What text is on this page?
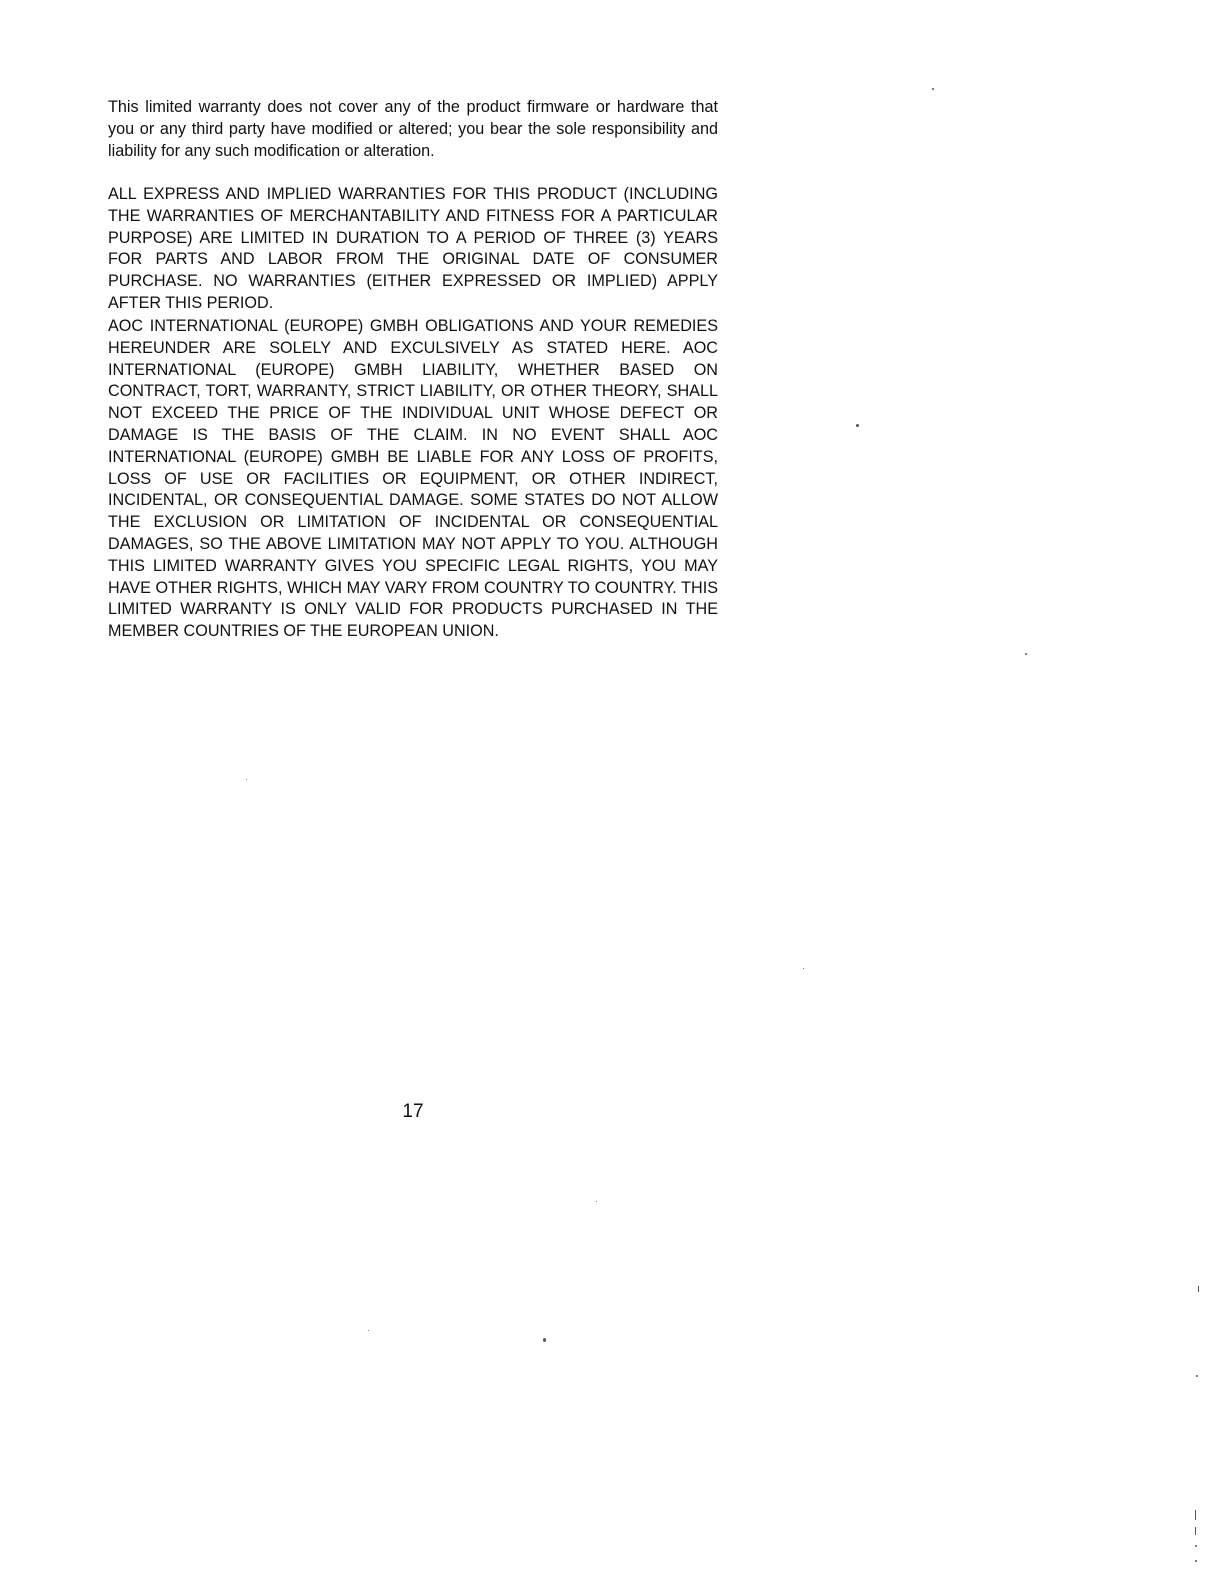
This limited warranty does not cover any of the product firmware or hardware that you or any third party have modified or altered; you bear the sole responsibility and liability for any such modification or alteration.

ALL EXPRESS AND IMPLIED WARRANTIES FOR THIS PRODUCT (INCLUDING THE WARRANTIES OF MERCHANTABILITY AND FITNESS FOR A PARTICULAR PURPOSE) ARE LIMITED IN DURATION TO A PERIOD OF THREE (3) YEARS FOR PARTS AND LABOR FROM THE ORIGINAL DATE OF CONSUMER PURCHASE. NO WARRANTIES (EITHER EXPRESSED OR IMPLIED) APPLY AFTER THIS PERIOD.

AOC INTERNATIONAL (EUROPE) GMBH OBLIGATIONS AND YOUR REMEDIES HEREUNDER ARE SOLELY AND EXCULSIVELY AS STATED HERE. AOC INTERNATIONAL (EUROPE) GMBH LIABILITY, WHETHER BASED ON CONTRACT, TORT, WARRANTY, STRICT LIABILITY, OR OTHER THEORY, SHALL NOT EXCEED THE PRICE OF THE INDIVIDUAL UNIT WHOSE DEFECT OR DAMAGE IS THE BASIS OF THE CLAIM. IN NO EVENT SHALL AOC INTERNATIONAL (EUROPE) GMBH BE LIABLE FOR ANY LOSS OF PROFITS, LOSS OF USE OR FACILITIES OR EQUIPMENT, OR OTHER INDIRECT, INCIDENTAL, OR CONSEQUENTIAL DAMAGE. SOME STATES DO NOT ALLOW THE EXCLUSION OR LIMITATION OF INCIDENTAL OR CONSEQUENTIAL DAMAGES, SO THE ABOVE LIMITATION MAY NOT APPLY TO YOU. ALTHOUGH THIS LIMITED WARRANTY GIVES YOU SPECIFIC LEGAL RIGHTS, YOU MAY HAVE OTHER RIGHTS, WHICH MAY VARY FROM COUNTRY TO COUNTRY. THIS LIMITED WARRANTY IS ONLY VALID FOR PRODUCTS PURCHASED IN THE MEMBER COUNTRIES OF THE EUROPEAN UNION.

17
